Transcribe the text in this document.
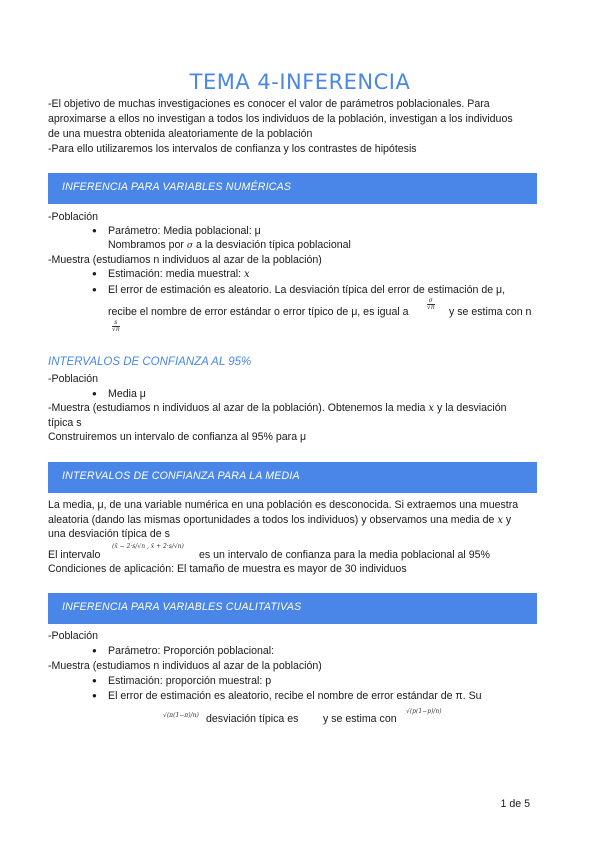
TEMA 4-INFERENCIA
-El objetivo de muchas investigaciones es conocer el valor de parámetros poblacionales. Para
aproximarse a ellos no investigan a todos los individuos de la población, investigan a los individuos
de una muestra obtenida aleatoriamente de la población
-Para ello utilizaremos los intervalos de confianza y los contrastes de hipótesis
INFERENCIA PARA VARIABLES NUMÉRICAS
-Población
● Parámetro: Media poblacional: μ
Nombramos por σ a la desviación típica poblacional
-Muestra (estudiamos n individuos al azar de la población)
● Estimación: media muestral: x
● El error de estimación es aleatorio. La desviación típica del error de estimación de μ,
recibe el nombre de error estándar o error típico de μ, es igual a
$\frac{\sigma}{√n}$
y se estima con n
$\frac{s}{√n}$
INTERVALOS DE CONFIANZA AL 95%
-Población
● Media μ
-Muestra (estudiamos n individuos al azar de la población). Obtenemos la media x y la desviación
típica s
Construiremos un intervalo de confianza al 95% para μ
INTERVALOS DE CONFIANZA PARA LA MEDIA
La media, μ, de una variable numérica en una población es desconocida. Si extraemos una muestra
aleatoria (dando las mismas oportunidades a todos los individuos) y observamos una media de x y
una desviación típica de s
El intervalo
(x̄ − 2·s/√n , x̄ + 2·s/√n)
es un intervalo de confianza para la media poblacional al 95%
Condiciones de aplicación: El tamaño de muestra es mayor de 30 individuos
INFERENCIA PARA VARIABLES CUALITATIVAS
-Población
● Parámetro: Proporción poblacional:
-Muestra (estudiamos n individuos al azar de la población)
● Estimación: proporción muestral: p
● El error de estimación es aleatorio, recibe el nombre de error estándar de π. Su
√(π(1−π)/n) desviación típica es y se estima con
√(p(1−p)/n)
1 de 5
